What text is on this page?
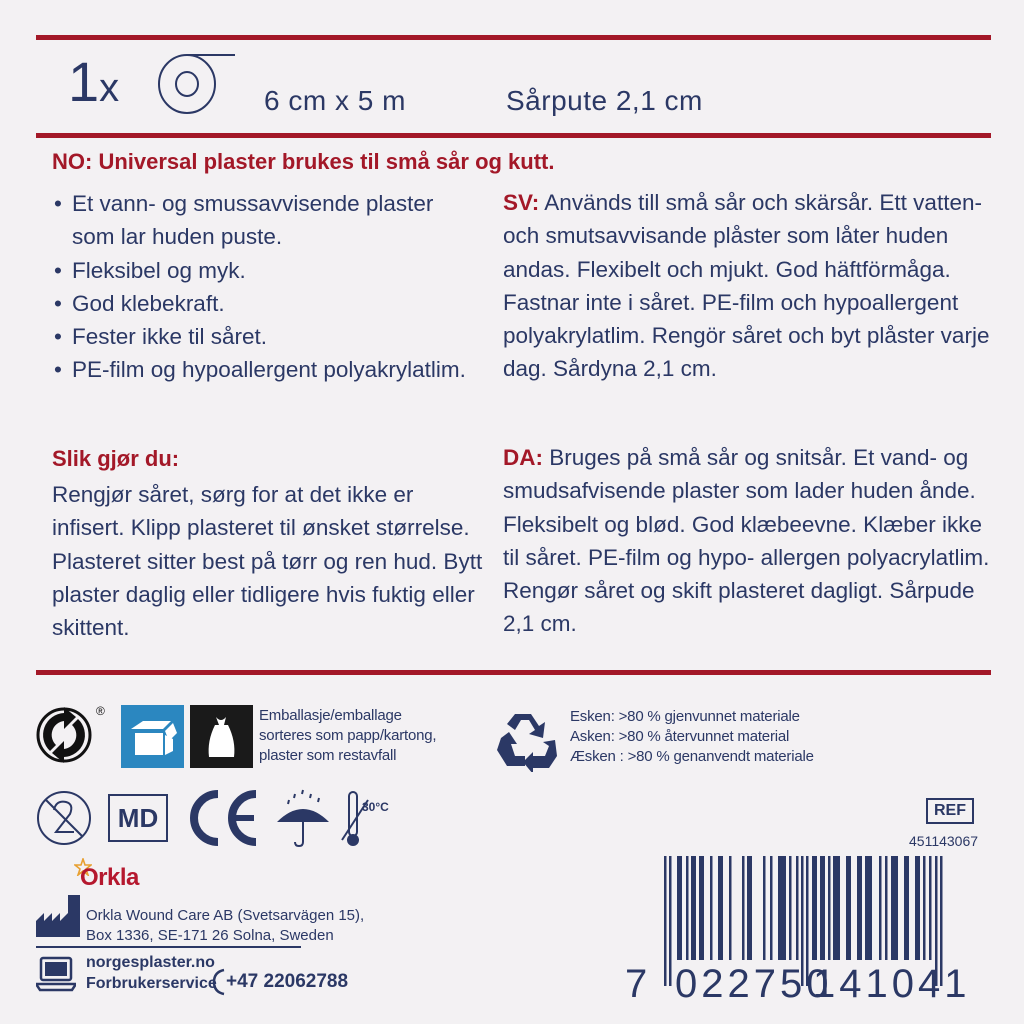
1x	6 cm x 5 m	Sårpute 2,1 cm
NO: Universal plaster brukes til små sår og kutt.
• Et vann- og smussavvisende plaster som lar huden puste.
• Fleksibel og myk.
• God klebekraft.
• Fester ikke til såret.
• PE-film og hypoallergent polyakrylatlim.
Slik gjør du:
Rengjør såret, sørg for at det ikke er infisert. Klipp plasteret til ønsket størrelse. Plasteret sitter best på tørr og ren hud. Bytt plaster daglig eller tidligere hvis fuktig eller skittent.
SV: Används till små sår och skärsår. Ett vatten- och smutsavvisande plåster som låter huden andas. Flexibelt och mjukt. God häftförmåga. Fastnar inte i såret. PE-film och hypoallergent polyakrylatlim. Rengör såret och byt plåster varje dag. Sårdyna 2,1 cm.
DA: Bruges på små sår og snitsår. Et vand- og smudsafvisende plaster som lader huden ånde. Fleksibelt og blød. God klæbeevne. Klæber ikke til såret. PE-film og hypo- allergen polyacrylatlim. Rengør såret og skift plasteret dagligt. Sårpude 2,1 cm.
®	Emballasje/emballage
sorteres som papp/kartong,
plaster som restavfall
Esken: >80 % gjenvunnet materiale
Asken: >80 % återvunnet material
Æsken : >80 % genanvendt materiale
MD	30°C	REF
451143067
Orkla
Orkla Wound Care AB (Svetsarvägen 15),
Box 1336, SE-171 26 Solna, Sweden
norgesplaster.no
Forbrukerservice +47 22062788	7 022750
141041
